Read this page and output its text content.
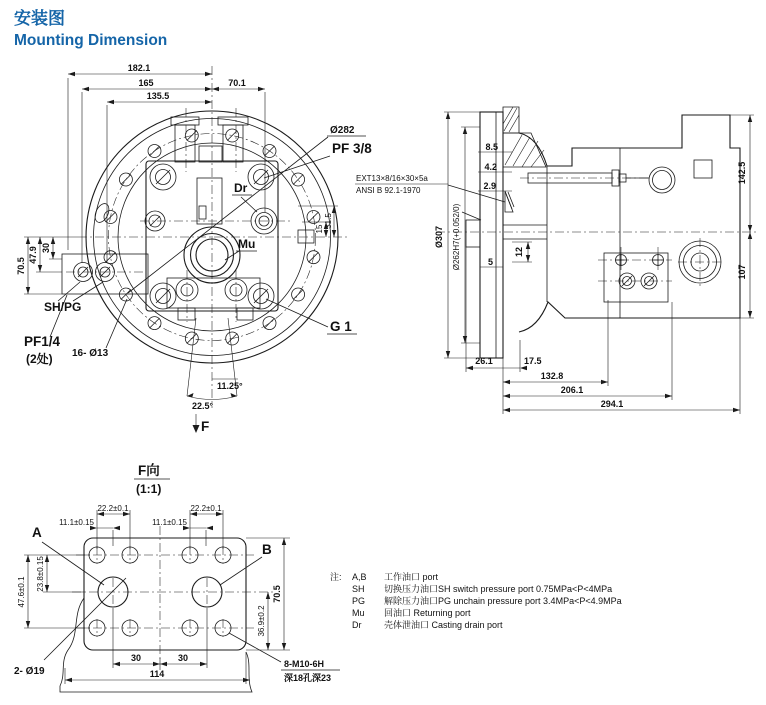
安装图
Mounting Dimension
182.1
165
135.5
70.1
30
47.9
70.5
15
31.5
Ø282
PF 3/8
Dr
Mu
SH/PG
PF1/4
(2处) 16- Ø13
G 1
11.25°
22.5°
F
8.5
4.2
2.9
5
12
Ø307 Ø262H7(+0.052/0)
EXT13×8/16×30×5a
ANSI B 92.1-1970
142.5
107
26.1	17.5
132.8
206.1
294.1
F向
(1:1)
22.2±0.1	22.2±0.1
11.1±0.15	11.1±0.15
A
B
23.8±0.15
47.6±0.1
36.9±0.2
70.5
30	30
114
2- Ø19
8-M10-6H
深18孔深23
注: A,B 工作油口 port
SH 切换压力油口SH switch pressure port 0.75MPa<P<4MPa
PG 解除压力油口PG unchain pressure port 3.4MPa<P<4.9MPa
Mu 回油口 Returning port
Dr	壳体泄油口 Casting drain port
